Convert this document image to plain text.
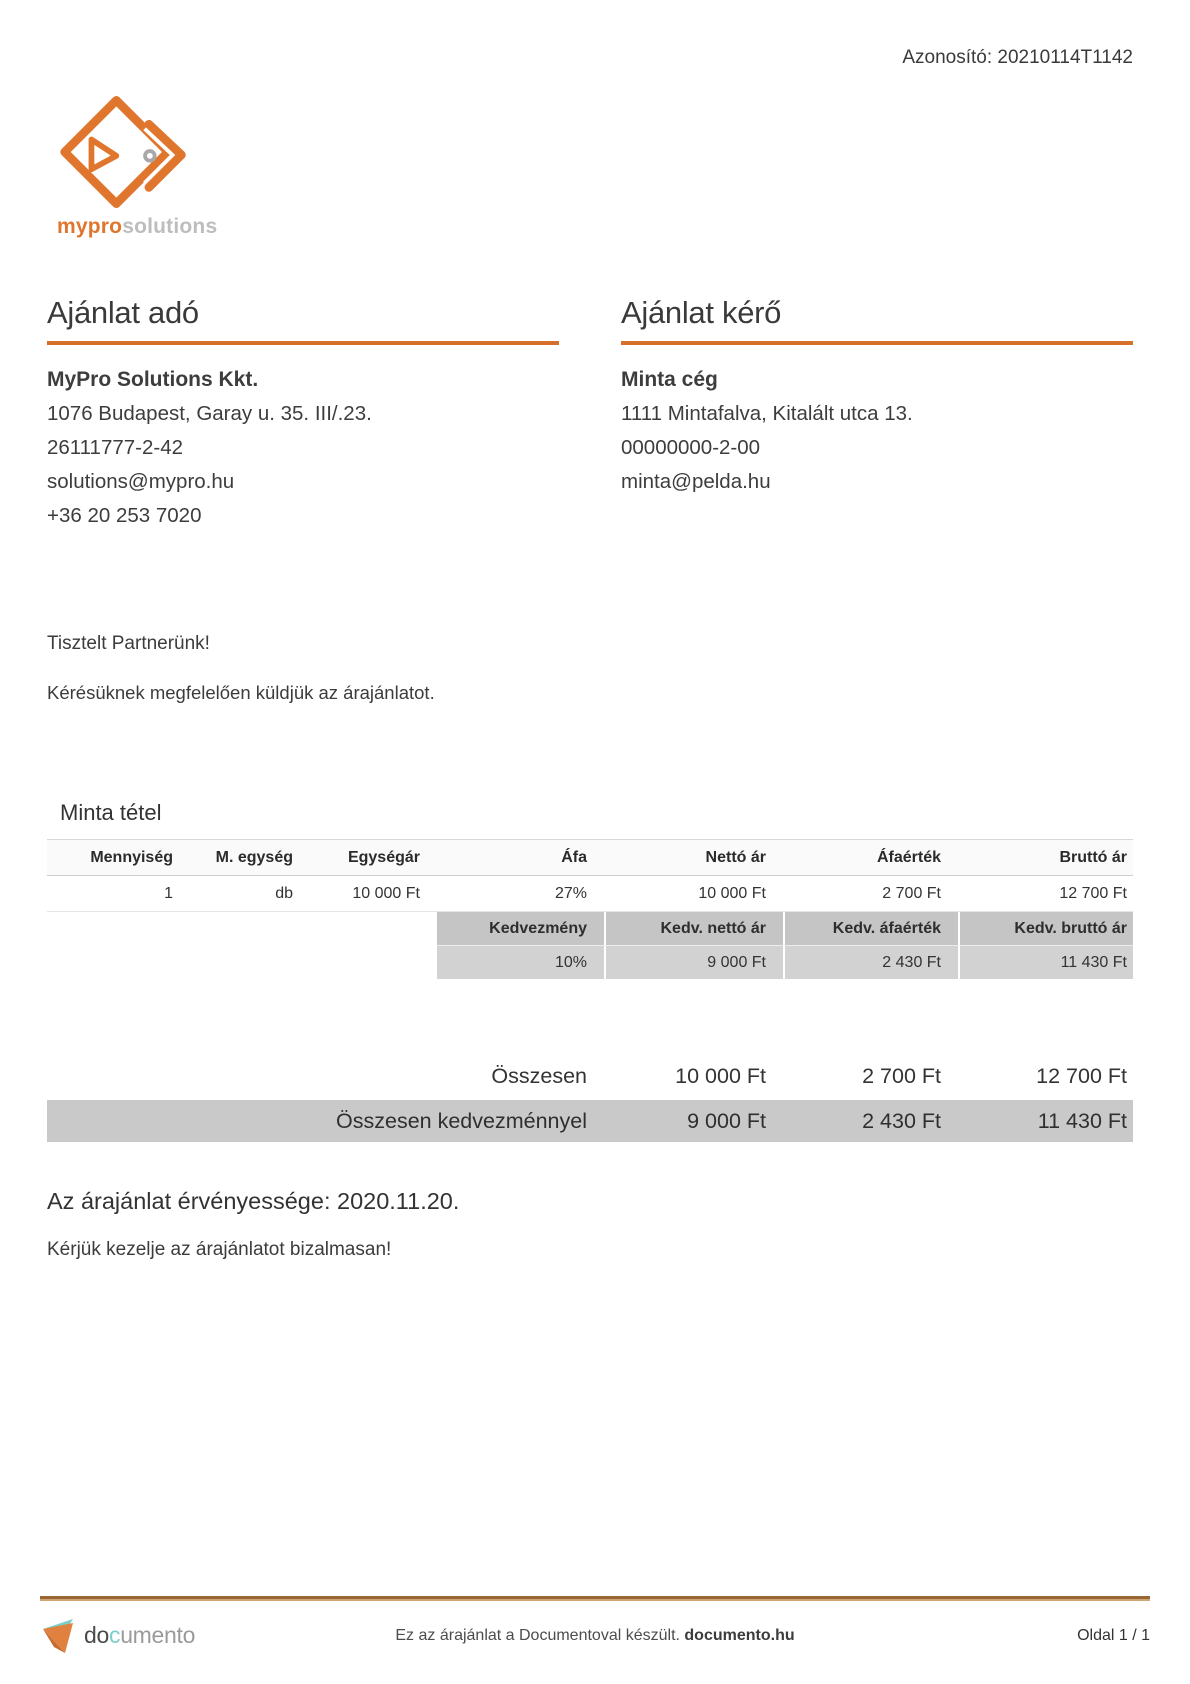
Azonosító: 20210114T1142
myprosolutions
Ajánlat adó
MyPro Solutions Kkt.
1076 Budapest, Garay u. 35. III/.23.
26111777-2-42
solutions@mypro.hu
+36 20 253 7020
Ajánlat kérő
Minta cég
1111 Mintafalva, Kitalált utca 13.
00000000-2-00
minta@pelda.hu

Tisztelt Partnerünk!

Kérésüknek megfelelően küldjük az árajánlatot.

Minta tétel
Mennyiség	M. egység	Egységár	Áfa	Nettó ár	Áfaérték	Bruttó ár
1	db	10 000 Ft	27%	10 000 Ft	2 700 Ft	12 700 Ft
Kedvezmény	Kedv. nettó ár	Kedv. áfaérték	Kedv. bruttó ár
10%	9 000 Ft	2 430 Ft	11 430 Ft
Összesen	10 000 Ft	2 700 Ft	12 700 Ft
Összesen kedvezménnyel	9 000 Ft	2 430 Ft	11 430 Ft
Az árajánlat érvényessége: 2020.11.20.
Kérjük kezelje az árajánlatot bizalmasan!
documento	Ez az árajánlat a Documentoval készült. documento.hu	Oldal 1 / 1
